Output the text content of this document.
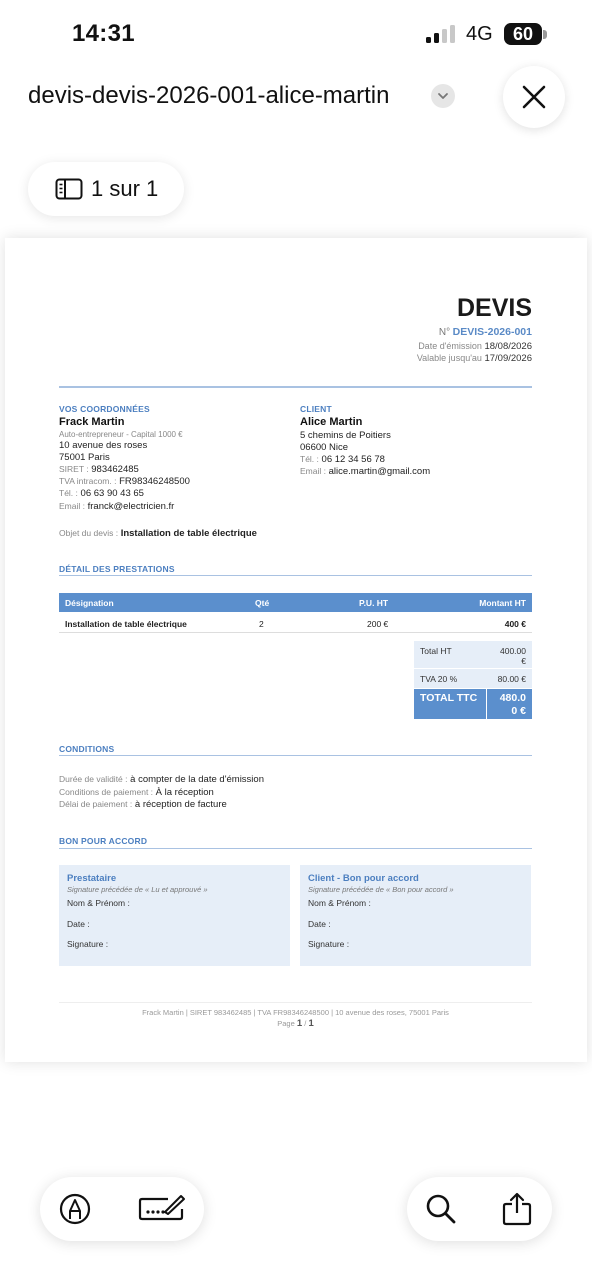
14:31	4G	60
devis-devis-2026-001-alice-martin
1 sur 1
DEVIS
N° DEVIS-2026-001
Date d'émission 18/08/2026
Valable jusqu'au 17/09/2026
VOS COORDONNÉES
Frack Martin
Auto-entrepreneur - Capital 1000 €
10 avenue des roses
75001 Paris
SIRET : 983462485
TVA intracom. : FR98346248500
Tél. : 06 63 90 43 65
Email : franck@electricien.fr
CLIENT
Alice Martin
5 chemins de Poitiers
06600 Nice
Tél. : 06 12 34 56 78
Email : alice.martin@gmail.com
Objet du devis : Installation de table électrique
DÉTAIL DES PRESTATIONS
Désignation	Qté	P.U. HT	Montant HT
Installation de table électrique	2	200 €	400 €
Total HT	400.00
€
TVA 20 %	80.00 €
TOTAL TTC 480.0
0 €
CONDITIONS
Durée de validité : à compter de la date d'émission
Conditions de paiement : À la réception
Délai de paiement : à réception de facture
BON POUR ACCORD
Prestataire
Signature précédée de « Lu et approuvé »
Nom & Prénom :
Date :
Signature :
Client - Bon pour accord
Signature précédée de « Bon pour accord »
Nom & Prénom :
Date :
Signature :
Frack Martin | SIRET 983462485 | TVA FR98346248500 | 10 avenue des roses, 75001 Paris
Page 1 / 1
